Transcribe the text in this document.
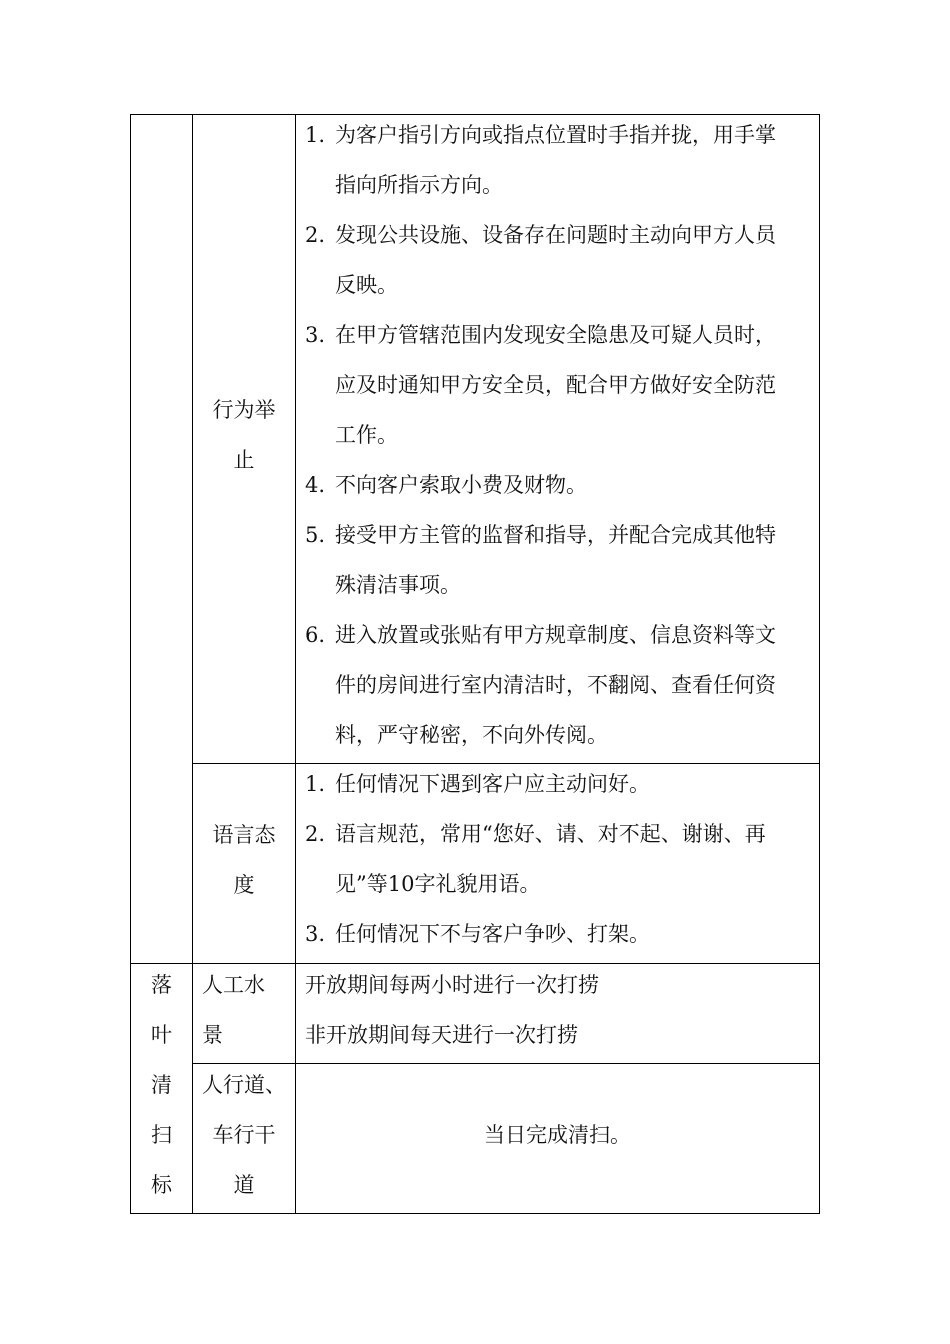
行为举
止
1. 为客户指引方向或指点位置时手指并拢，用手掌
指向所指示方向。
2. 发现公共设施、设备存在问题时主动向甲方人员
反映。
3. 在甲方管辖范围内发现安全隐患及可疑人员时，
应及时通知甲方安全员，配合甲方做好安全防范
工作。
4. 不向客户索取小费及财物。
5. 接受甲方主管的监督和指导，并配合完成其他特
殊清洁事项。
6. 进入放置或张贴有甲方规章制度、信息资料等文
件的房间进行室内清洁时，不翻阅、查看任何资
料，严守秘密，不向外传阅。
语言态
度
1. 任何情况下遇到客户应主动问好。
2. 语言规范，常用“您好、请、对不起、谢谢、再
见”等10字礼貌用语。
3. 任何情况下不与客户争吵、打架。
落
叶
清
扫
标
人工水
景
开放期间每两小时进行一次打捞
非开放期间每天进行一次打捞
人行道、
车行干
道
当日完成清扫。
